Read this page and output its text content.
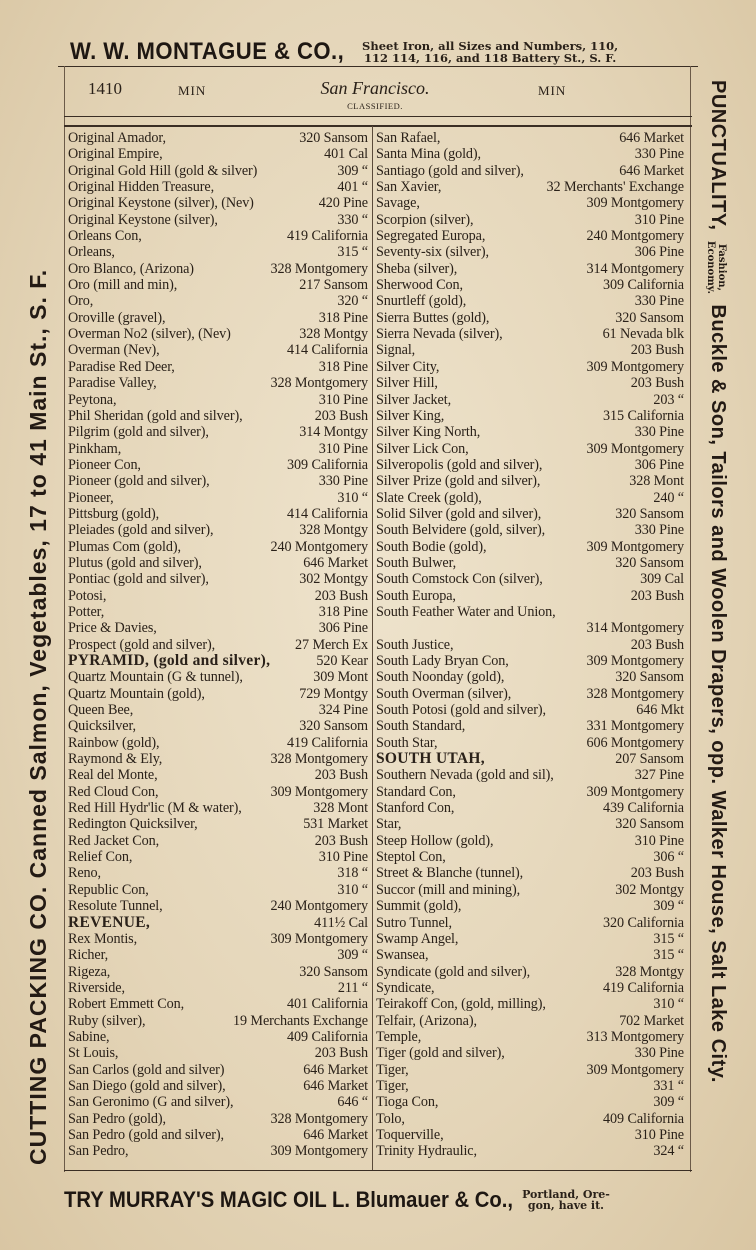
W. W. MONTAGUE & CO., Sheet Iron, all Sizes and Numbers, 110,
112 114, 116, and 118 Battery St., S. F.
1410	MIN	San Francisco.	MIN
CLASSIFIED.
Original Amador,	320 Sansom
Original Empire,	401 Cal
Original Gold Hill (gold & silver)	309 “
Original Hidden Treasure,	401 “
Original Keystone (silver), (Nev)	420 Pine
Original Keystone (silver),	330 “
Orleans Con,	419 California
Orleans,	315 “
Oro Blanco, (Arizona)	328 Montgomery
Oro (mill and min),	217 Sansom
Oro,	320 “
Oroville (gravel),	318 Pine
Overman No2 (silver), (Nev)	328 Montgy
Overman (Nev),	414 California
Paradise Red Deer,	318 Pine
Paradise Valley,	328 Montgomery
Peytona,	310 Pine
Phil Sheridan (gold and silver),	203 Bush
Pilgrim (gold and silver),	314 Montgy
Pinkham,	310 Pine
Pioneer Con,	309 California
Pioneer (gold and silver),	330 Pine
Pioneer,	310 “
Pittsburg (gold),	414 California
Pleiades (gold and silver),	328 Montgy
Plumas Com (gold),	240 Montgomery
Plutus (gold and silver),	646 Market
Pontiac (gold and silver),	302 Montgy
Potosi,	203 Bush
Potter,	318 Pine
Price & Davies,	306 Pine
Prospect (gold and silver),	27 Merch Ex
PYRAMID, (gold and silver),	520 Kear
Quartz Mountain (G & tunnel),	309 Mont
Quartz Mountain (gold),	729 Montgy
Queen Bee,	324 Pine
Quicksilver,	320 Sansom
Rainbow (gold),	419 California
Raymond & Ely,	328 Montgomery
Real del Monte,	203 Bush
Red Cloud Con,	309 Montgomery
Red Hill Hydr'lic (M & water),	328 Mont
Redington Quicksilver,	531 Market
Red Jacket Con,	203 Bush
Relief Con,	310 Pine
Reno,	318 “
Republic Con,	310 “
Resolute Tunnel,	240 Montgomery
REVENUE,	411½ Cal
Rex Montis,	309 Montgomery
Richer,	309 “
Rigeza,	320 Sansom
Riverside,	211 “
Robert Emmett Con,	401 California
Ruby (silver),	19 Merchants Exchange
Sabine,	409 California
St Louis,	203 Bush
San Carlos (gold and silver)	646 Market
San Diego (gold and silver),	646 Market
San Geronimo (G and silver),	646 “
San Pedro (gold),	328 Montgomery
San Pedro (gold and silver),	646 Market
San Pedro,	309 Montgomery
San Rafael,	646 Market
Santa Mina (gold),	330 Pine
Santiago (gold and silver),	646 Market
San Xavier,	32 Merchants' Exchange
Savage,	309 Montgomery
Scorpion (silver),	310 Pine
Segregated Europa,	240 Montgomery
Seventy-six (silver),	306 Pine
Sheba (silver),	314 Montgomery
Sherwood Con,	309 California
Snurtleff (gold),	330 Pine
Sierra Buttes (gold),	320 Sansom
Sierra Nevada (silver),	61 Nevada blk
Signal,	203 Bush
Silver City,	309 Montgomery
Silver Hill,	203 Bush
Silver Jacket,	203 “
Silver King,	315 California
Silver King North,	330 Pine
Silver Lick Con,	309 Montgomery
Silveropolis (gold and silver),	306 Pine
Silver Prize (gold and silver),	328 Mont
Slate Creek (gold),	240 “
Solid Silver (gold and silver),	320 Sansom
South Belvidere (gold, silver),	330 Pine
South Bodie (gold),	309 Montgomery
South Bulwer,	320 Sansom
South Comstock Con (silver),	309 Cal
South Europa,	203 Bush
South Feather Water and Union,
314 Montgomery
South Justice,	203 Bush
South Lady Bryan Con,	309 Montgomery
South Noonday (gold),	320 Sansom
South Overman (silver),	328 Montgomery
South Potosi (gold and silver),	646 Mkt
South Standard,	331 Montgomery
South Star,	606 Montgomery
SOUTH UTAH,	207 Sansom
Southern Nevada (gold and sil),	327 Pine
Standard Con,	309 Montgomery
Stanford Con,	439 California
Star,	320 Sansom
Steep Hollow (gold),	310 Pine
Steptol Con,	306 “
Street & Blanche (tunnel),	203 Bush
Succor (mill and mining),	302 Montgy
Summit (gold),	309 “
Sutro Tunnel,	320 California
Swamp Angel,	315 “
Swansea,	315 “
Syndicate (gold and silver),	328 Montgy
Syndicate,	419 California
Teirakoff Con, (gold, milling),	310 “
Telfair, (Arizona),	702 Market
Temple,	313 Montgomery
Tiger (gold and silver),	330 Pine
Tiger,	309 Montgomery
Tiger,	331 “
Tioga Con,	309 “
Tolo,	409 California
Toquerville,	310 Pine
Trinity Hydraulic,	324 “
CUTTING PACKING CO. Canned Salmon, Vegetables, 17 to 41 Main St., S. F.
PUNCTUALITY, Fashion,
Economy. Buckle & Son, Tailors and Woolen Drapers, opp. Walker House, Salt Lake City.
TRY MURRAY'S MAGIC OIL L. Blumauer & Co., Portland, Ore-
gon, have it.
